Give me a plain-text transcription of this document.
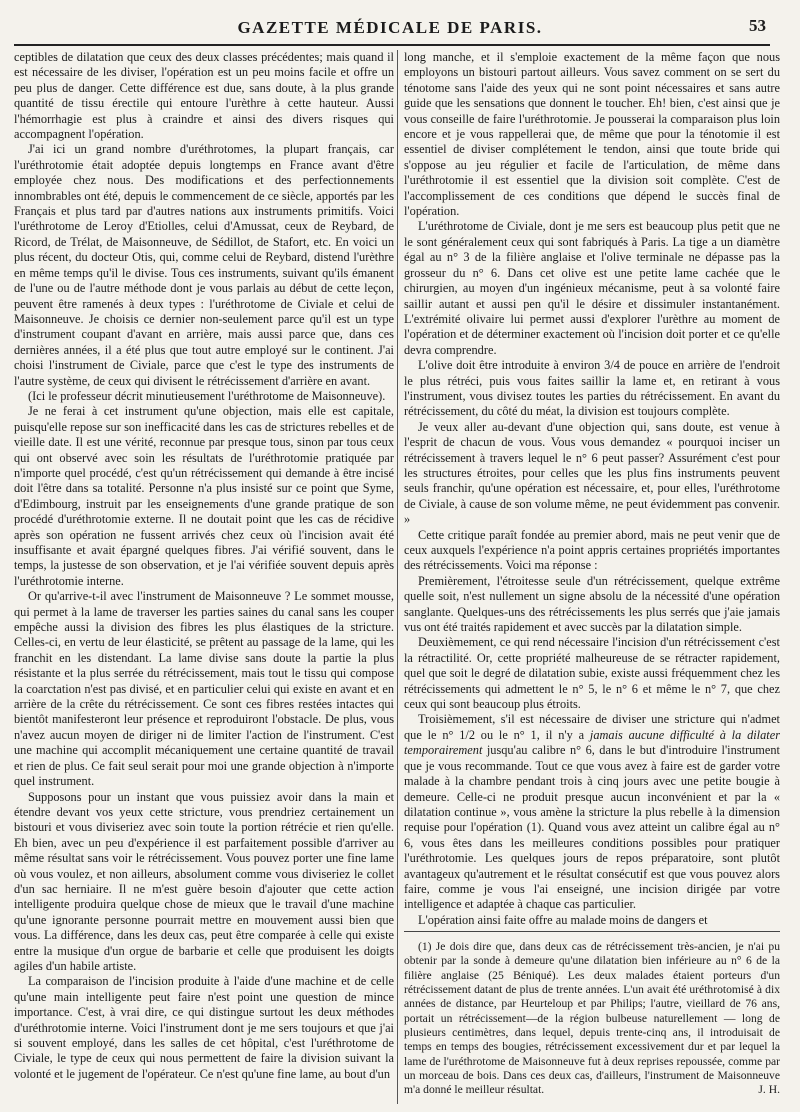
GAZETTE MÉDICALE DE PARIS.	53

ceptibles de dilatation que ceux des deux classes précédentes; mais quand il est nécessaire de les diviser, l'opération est un peu moins facile et offre un peu plus de danger. Cette différence est due, sans doute, à la plus grande quantité de tissu érectile qui entoure l'urèthre à cette hauteur. Aussi l'hémorrhagie est plus à craindre et ainsi des divers risques qui accompagnent l'opération.

J'ai ici un grand nombre d'uréthrotomes, la plupart français, car l'uréthrotomie était adoptée depuis longtemps en France avant d'être employée chez nous. Des modifications et des perfectionnements innombrables ont été, depuis le commencement de ce siècle, apportés par les Français et plus tard par d'autres nations aux instruments primitifs. Voici l'uréthrotome de Leroy d'Etiolles, celui d'Amussat, ceux de Reybard, de Ricord, de Trélat, de Maisonneuve, de Sédillot, de Stafort, etc. En voici un plus récent, du docteur Otis, qui, comme celui de Reybard, distend l'urèthre en même temps qu'il le divise. Tous ces instruments, suivant qu'ils émanent de l'une ou de l'autre méthode dont je vous parlais au début de cette leçon, peuvent être ramenés à deux types : l'uréthrotome de Civiale et celui de Maisonneuve. Je choisis ce dernier non-seulement parce qu'il est un type d'instrument coupant d'avant en arrière, mais aussi parce que, dans ces dernières années, il a été plus que tout autre employé sur le continent. J'ai choisi l'instrument de Civiale, parce que c'est le type des instruments de l'autre système, de ceux qui divisent le rétrécissement d'arrière en avant.

(Ici le professeur décrit minutieusement l'uréthrotome de Maisonneuve).

Je ne ferai à cet instrument qu'une objection, mais elle est capitale, puisqu'elle repose sur son inefficacité dans les cas de strictures rebelles et de vieille date. Il est une vérité, reconnue par presque tous, sinon par tous ceux qui ont observé avec soin les résultats de l'uréthrotomie pratiquée par n'importe quel procédé, c'est qu'un rétrécissement qui demande à être incisé doit l'être dans sa totalité. Personne n'a plus insisté sur ce point que Syme, d'Edimbourg, instruit par les enseignements d'une grande pratique de son procédé d'uréthrotomie externe. Il ne doutait point que les cas de récidive après son opération ne fussent arrivés chez ceux où l'incision avait été insuffisante et avait épargné quelques fibres. J'ai vérifié souvent, dans le temps, la justesse de son observation, et je l'ai vérifiée souvent depuis après l'uréthrotomie interne.

Or qu'arrive-t-il avec l'instrument de Maisonneuve ? Le sommet mousse, qui permet à la lame de traverser les parties saines du canal sans les couper empêche aussi la division des fibres les plus élastiques de la stricture. Celles-ci, en vertu de leur élasticité, se prêtent au passage de la lame, qui les franchit en les distendant. La lame divise sans doute la partie la plus résistante et la plus serrée du rétrécissement, mais tout le tissu qui compose la coarctation n'est pas divisé, et en particulier celui qui existe en avant et en arrière de la crête du rétrécissement. Ce sont ces fibres restées intactes qui bientôt manifesteront leur présence et reproduiront l'obstacle. De plus, vous n'avez aucun moyen de diriger ni de limiter l'action de l'instrument. C'est une machine qui accomplit mécaniquement une certaine quantité de travail et rien de plus. Ce fait seul serait pour moi une grande objection à n'importe quel instrument.

Supposons pour un instant que vous puissiez avoir dans la main et étendre devant vos yeux cette stricture, vous prendriez certainement un bistouri et vous diviseriez avec soin toute la portion rétrécie et rien qu'elle. Eh bien, avec un peu d'expérience il est parfaitement possible d'arriver au même résultat sans voir le rétrécissement. Vous pouvez porter une fine lame où vous voulez, et non ailleurs, absolument comme vous diviseriez le collet d'un sac herniaire. Il ne m'est guère besoin d'ajouter que cette action intelligente produira quelque chose de mieux que le travail d'une machine qu'une ignorante personne pourrait mettre en mouvement aussi bien que vous. La différence, dans les deux cas, peut être comparée à celle qui existe entre la musique d'un orgue de barbarie et celle que produisent les doigts agiles d'un habile artiste.

La comparaison de l'incision produite à l'aide d'une machine et de celle qu'une main intelligente peut faire n'est point une question de mince importance. C'est, à vrai dire, ce qui distingue surtout les deux méthodes d'uréthrotomie interne. Voici l'instrument dont je me sers toujours et que j'ai si souvent employé, dans les salles de cet hôpital, c'est l'uréthrotome de Civiale, le type de ceux qui nous permettent de faire la division suivant la volonté et le jugement de l'opérateur. Ce n'est qu'une fine lame, au bout d'un

long manche, et il s'emploie exactement de la même façon que nous employons un bistouri partout ailleurs. Vous savez comment on se sert du ténotome sans l'aide des yeux qui ne sont point nécessaires et sans autre guide que les sensations que donnent le toucher. Eh! bien, c'est ainsi que je vous conseille de faire l'uréthrotomie. Je pousserai la comparaison plus loin encore et je vous rappellerai que, de même que pour la ténotomie il est essentiel de diviser complétement le tendon, ainsi que toute bride qui s'oppose au jeu régulier et facile de l'articulation, de même dans l'uréthrotomie il est essentiel que la division soit complète. C'est de l'accomplissement de ces conditions que dépend le succès final de l'opération.

L'uréthrotome de Civiale, dont je me sers est beaucoup plus petit que ne le sont généralement ceux qui sont fabriqués à Paris. La tige a un diamètre égal au n° 3 de la filière anglaise et l'olive terminale ne dépasse pas la grosseur du n° 6. Dans cet olive est une petite lame cachée que le chirurgien, au moyen d'un ingénieux mécanisme, peut à sa volonté faire saillir autant et aussi pen qu'il le désire et dissimuler instantanément. L'extrémité olivaire lui permet aussi d'explorer l'urèthre au moment de l'opération et de déterminer exactement où l'incision doit porter et ce qu'elle devra comprendre.

L'olive doit être introduite à environ 3/4 de pouce en arrière de l'endroit le plus rétréci, puis vous faites saillir la lame et, en retirant à vous l'instrument, vous divisez toutes les parties du rétrécissement. En avant du rétrécissement, du côté du méat, la division est toujours complète.

Je veux aller au-devant d'une objection qui, sans doute, est venue à l'esprit de chacun de vous. Vous vous demandez « pourquoi inciser un rétrécissement à travers lequel le n° 6 peut passer? Assurément c'est pour les structures étroites, pour celles que les plus fins instruments peuvent seuls franchir, qu'une opération est nécessaire, et, pour elles, l'uréthrotome de Civiale, à cause de son volume même, ne peut évidemment pas convenir. »

Cette critique paraît fondée au premier abord, mais ne peut venir que de ceux auxquels l'expérience n'a point appris certaines propriétés importantes des rétrécissements. Voici ma réponse :

Premièrement, l'étroitesse seule d'un rétrécissement, quelque extrême quelle soit, n'est nullement un signe absolu de la nécessité d'une opération sanglante. Quelques-uns des rétrécissements les plus serrés que j'aie jamais vus ont été traités rapidement et avec succès par la dilatation simple.

Deuxièmement, ce qui rend nécessaire l'incision d'un rétrécissement c'est la rétractilité. Or, cette propriété malheureuse de se rétracter rapidement, quel que soit le degré de dilatation subie, existe aussi fréquemment chez les rétrécissements qui admettent le n° 5, le n° 6 et même le n° 7, que chez ceux qui sont beaucoup plus étroits.

Troisièmement, s'il est nécessaire de diviser une stricture qui n'admet que le n° 1/2 ou le n° 1, il n'y a jamais aucune difficulté à la dilater temporairement jusqu'au calibre n° 6, dans le but d'introduire l'instrument que je vous recommande. Tout ce que vous avez à faire est de garder votre malade à la chambre pendant trois à cinq jours avec une petite bougie à demeure. Celle-ci ne produit presque aucun inconvénient et par la « dilatation continue », vous amène la stricture la plus rebelle à la dimension requise pour l'opération (1). Quand vous avez atteint un calibre égal au n° 6, vous êtes dans les meilleures conditions possibles pour pratiquer l'uréthrotomie. Les quelques jours de repos préparatoire, sont plutôt avantageux qu'autrement et le résultat consécutif est que vous pouvez alors faire, comme je vous l'ai enseigné, une incision dirigée par votre intelligence et adaptée à chaque cas particulier.

L'opération ainsi faite offre au malade moins de dangers et

(1) Je dois dire que, dans deux cas de rétrécissement très-ancien, je n'ai pu obtenir par la sonde à demeure qu'une dilatation bien inférieure au n° 6 de la filière anglaise (25 Béniqué). Les deux malades étaient porteurs d'un rétrécissement datant de plus de trente années. L'un avait été uréthrotomisé à dix années de distance, par Heurteloup et par Philips; l'autre, vieillard de 76 ans, portait un rétrécissement—de la région bulbeuse naturellement — long de plusieurs centimètres, dans lequel, depuis trente-cinq ans, il introduisait de temps en temps des bougies, rétrécissement excessivement dur et par lequel la lame de l'uréthrotome de Maisonneuve fut à deux reprises repoussée, comme par un morceau de bois. Dans ces deux cas, d'ailleurs, l'instrument de Maisonneuve m'a donné le meilleur résultat.	J. H.
